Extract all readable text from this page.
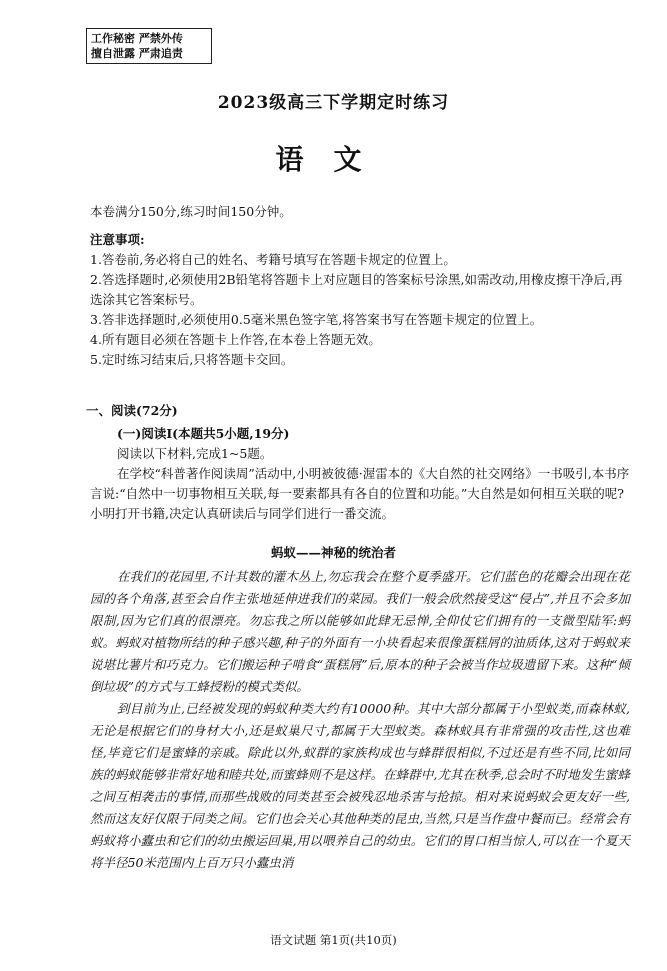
工作秘密 严禁外传
擅自泄露 严肃追责
2023级高三下学期定时练习
语文
本卷满分150分,练习时间150分钟。
注意事项:

1.答卷前,务必将自己的姓名、考籍号填写在答题卡规定的位置上。

2.答选择题时,必须使用2B铅笔将答题卡上对应题目的答案标号涂黑,如需改动,用橡皮擦干净后,再选涂其它答案标号。

3.答非选择题时,必须使用0.5毫米黑色签字笔,将答案书写在答题卡规定的位置上。

4.所有题目必须在答题卡上作答,在本卷上答题无效。

5.定时练习结束后,只将答题卡交回。

一、阅读(72分)
(一)阅读Ⅰ(本题共5小题,19分)
阅读以下材料,完成1~5题。

在学校“科普著作阅读周”活动中,小明被彼德·渥雷本的《大自然的社交网络》一书吸引,本书序言说:“自然中一切事物相互关联,每一要素都具有各自的位置和功能。”大自然是如何相互关联的呢?小明打开书籍,决定认真研读后与同学们进行一番交流。

蚂蚁——神秘的统治者

在我们的花园里,不计其数的灌木丛上,勿忘我会在整个夏季盛开。它们蓝色的花瓣会出现在花园的各个角落,甚至会自作主张地延伸进我们的菜园。我们一般会欣然接受这“侵占”,并且不会多加限制,因为它们真的很漂亮。勿忘我之所以能够如此肆无忌惮,全仰仗它们拥有的一支微型陆军:蚂蚁。蚂蚁对植物所结的种子感兴趣,种子的外面有一小块看起来很像蛋糕屑的油质体,这对于蚂蚁来说堪比薯片和巧克力。它们搬运种子啃食“蛋糕屑”后,原本的种子会被当作垃圾遗留下来。这种“倾倒垃圾”的方式与工蜂授粉的模式类似。

到目前为止,已经被发现的蚂蚁种类大约有10000种。其中大部分都属于小型蚁类,而森林蚁,无论是根据它们的身材大小,还是蚁巢尺寸,都属于大型蚁类。森林蚁具有非常强的攻击性,这也难怪,毕竟它们是蜜蜂的亲戚。除此以外,蚁群的家族构成也与蜂群很相似,不过还是有些不同,比如同族的蚂蚁能够非常好地和睦共处,而蜜蜂则不是这样。在蜂群中,尤其在秋季,总会时不时地发生蜜蜂之间互相袭击的事情,而那些战败的同类甚至会被残忍地杀害与抢掠。相对来说蚂蚁会更友好一些,然而这友好仅限于同类之间。它们也会关心其他种类的昆虫,当然,只是当作盘中餐而已。经常会有蚂蚁将小蠹虫和它们的幼虫搬运回巢,用以喂养自己的幼虫。它们的胃口相当惊人,可以在一个夏天将半径50米范围内上百万只小蠹虫消

语文试题 第1页(共10页)
